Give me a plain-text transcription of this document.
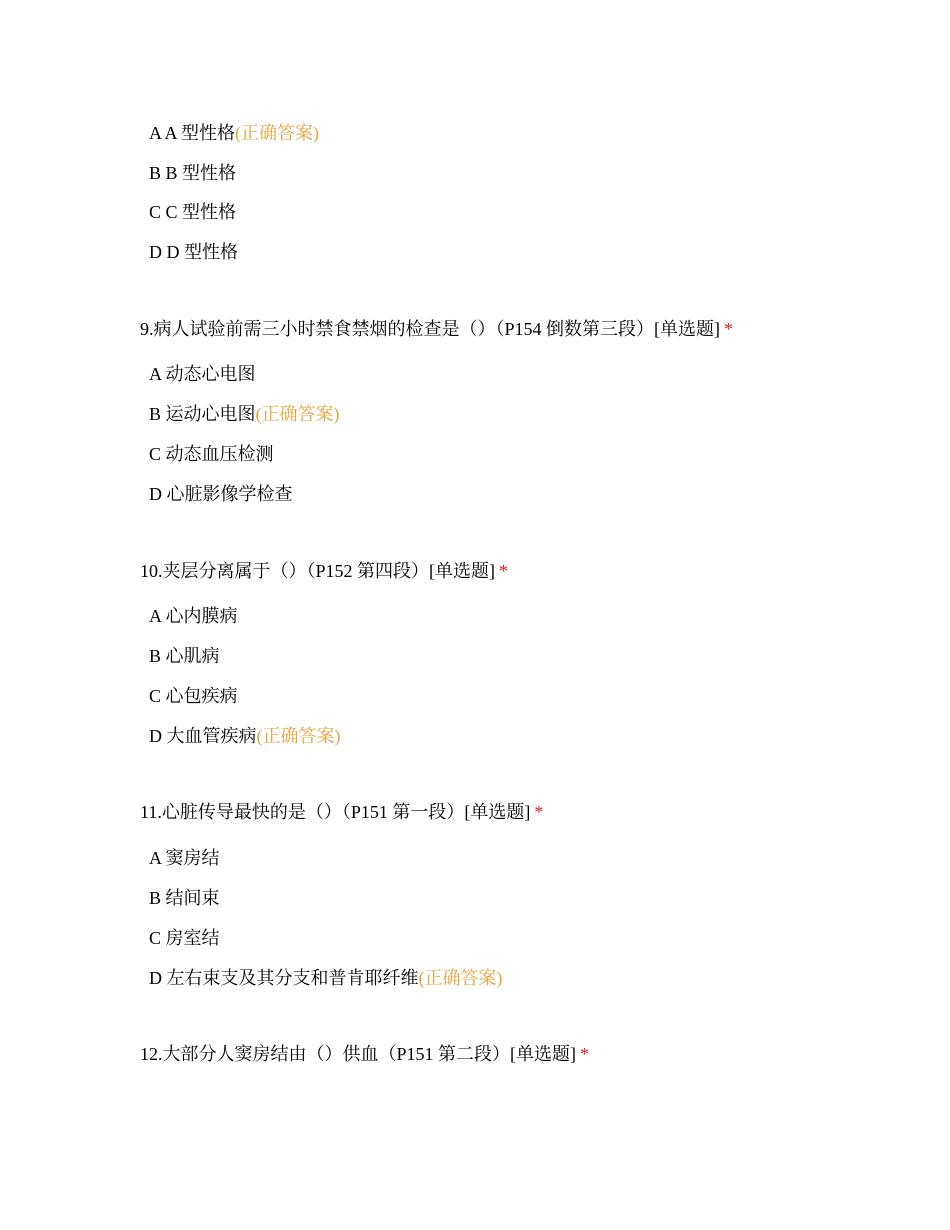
A A 型性格(正确答案)
B B 型性格
C C 型性格
D D 型性格
9.病人试验前需三小时禁食禁烟的检查是（）（P154 倒数第三段）[单选题] *
A 动态心电图
B 运动心电图(正确答案)
C 动态血压检测
D 心脏影像学检查
10.夹层分离属于（）（P152 第四段）[单选题] *
A 心内膜病
B 心肌病
C 心包疾病
D 大血管疾病(正确答案)
11.心脏传导最快的是（）（P151 第一段）[单选题] *
A 窦房结
B 结间束
C 房室结
D 左右束支及其分支和普肯耶纤维(正确答案)
12.大部分人窦房结由（）供血（P151 第二段）[单选题] *
